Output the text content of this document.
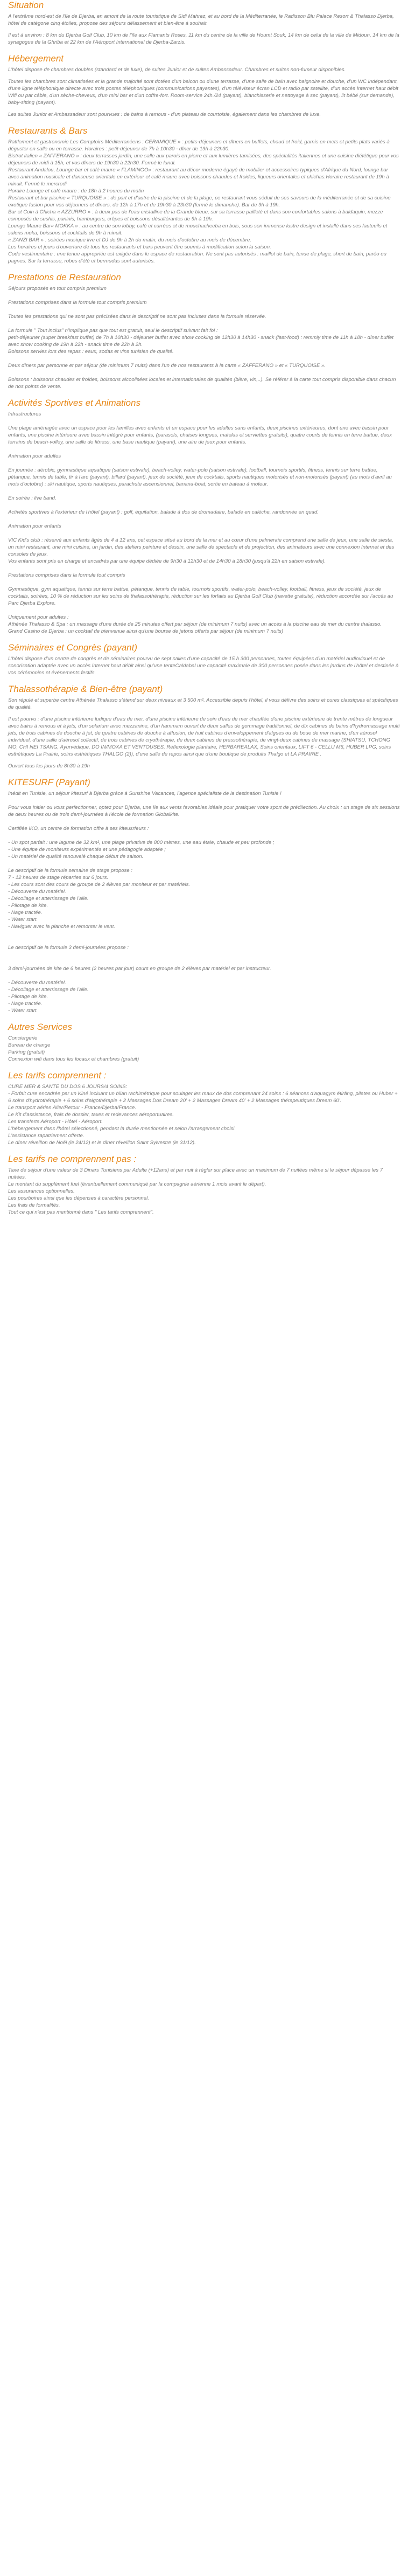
Situation

A l'extrême nord-est de l'île de Djerba, en amont de la route touristique de Sidi Mahrez, et au bord de la Méditerranée, le Radisson Blu Palace Resort & Thalasso Djerba, hôtel de catégorie cinq étoiles, propose des séjours délassement et bien-être à souhait.

Il est à environ : 8 km du Djerba Golf Club, 10 km de l'île aux Flamants Roses, 11 km du centre de la ville de Houmt Souk, 14 km de celui de la ville de Midoun, 14 km de la synagogue de la Ghriba et 22 km de l'Aéroport International de Djerba-Zarzis.

Hébergement

L'hôtel dispose de chambres doubles (standard et de luxe), de suites Junior et de suites Ambassadeur. Chambres et suites non-fumeur disponibles.

Toutes les chambres sont climatisées et la grande majorité sont dotées d'un balcon ou d'une terrasse, d'une salle de bain avec baignoire et douche, d'un WC indépendant, d'une ligne téléphonique directe avec trois postes téléphoniques (communications payantes), d'un téléviseur écran LCD et radio par satellite, d'un accès Internet haut débit Wifi ou par câble, d'un sèche-cheveux, d'un mini bar et d'un coffre-fort. Room-service 24h./24 (payant), blanchisserie et nettoyage à sec (payant), lit bébé (sur demande), baby-sitting (payant).

Les suites Junior et Ambassadeur sont pourvues : de bains à remous - d'un plateau de courtoisie, également dans les chambres de luxe.

Restaurants & Bars

Rattlement et gastronomie Les Comptoirs Méditerranéens : CERAMIQUE » : petits-déjeuners et dîners en buffets, chaud et froid, garnis en mets et petits plats variés à déguster en salle ou en terrasse. Horaires : petit-déjeuner de 7h à 10h30 - dîner de 19h à 22h30.

Bistrot italien « ZAFFERANO » : deux terrasses jardin, une salle aux parois en pierre et aux lumières tamisées, des spécialités italiennes et une cuisine diététique pour vos déjeuners de midi à 15h, et vos dîners de 19h30 à 22h30. Fermé le lundi.

Restaurant Andalou, Lounge bar et café maure « FLAMINGO» : restaurant au décor moderne égayé de mobilier et accessoires typiques d'Afrique du Nord, lounge bar avec animation musicale et danseuse orientale en extérieur et café maure avec boissons chaudes et froides, liqueurs orientales et chichas.Horaire restaurant de 19h à minuit. Fermé le mercredi

Horaire Lounge et café maure : de 18h à 2 heures du matin

Restaurant et bar piscine « TURQUOISE » : de part et d'autre de la piscine et de la plage, ce restaurant vous séduit de ses saveurs de la méditerranée et de sa cuisine exotique fusion pour vos déjeuners et dîners, de 12h à 17h et de 19h30 à 23h30 (fermé le dimanche). Bar de 9h à 19h.

Bar et Coin à Chicha « AZZURRO » : à deux pas de l'eau cristalline de la Grande bleue, sur sa terrasse pailleté et dans son confortables salons à baldaquin, mezze composés de sushis, paninis, hamburgers, crêpes et boissons désaltérantes de 9h à 19h.

Lounge Maure Bar« MOKKA » : au centre de son lobby, café et carrées et de mouchacheeba en bois, sous son immense lustre design et installé dans ses fauteuils et salons moka, boissons et cocktails de 9h à minuit.

« ZANZI BAR » : soirées musique live et DJ de 9h à 2h du matin, du mois d'octobre au mois de décembre.

Les horaires et jours d'ouverture de tous les restaurants et bars peuvent être soumis à modification selon la saison.

Code vestimentaire : une tenue appropriée est exigée dans le espace de restauration. Ne sont pas autorisés : maillot de bain, tenue de plage, short de bain, paréo ou pagnes. Sur la terrasse, robes d'été et bermudas sont autorisés.

Prestations de Restauration

Séjours proposés en tout compris premium

Prestations comprises dans la formule tout compris premium

Toutes les prestations qui ne sont pas précisées dans le descriptif ne sont pas incluses dans la formule réservée.

La formule " Tout inclus" n'implique pas que tout est gratuit, seul le descriptif suivant fait foi :

petit-déjeuner (super breakfast buffet) de 7h à 10h30 - déjeuner buffet avec show cooking de 12h30 à 14h30 - snack (fast-food) : remmly time de 11h à 18h - dîner buffet avec show cooking de 19h à 22h - snack time de 22h à 2h.

Boissons servies lors des repas : eaux, sodas et vins tunisien de qualité.

Deux dîners par personne et par séjour (de minimum 7 nuits) dans l'un de nos restaurants à la carte « ZAFFERANO » et « TURQUOISE ».

Boissons : boissons chaudes et froides, boissons alcoolisées locales et internationales de qualités (bière, vin,..). Se référer à la carte tout compris disponible dans chacun de nos points de vente.

Activités Sportives et Animations

Infrastructures

Une plage aménagée avec un espace pour les familles avec enfants et un espace pour les adultes sans enfants, deux piscines extérieures, dont une avec bassin pour enfants, une piscine intérieure avec bassin intégré pour enfants, (parasols, chaises longues, matelas et serviettes gratuits), quatre courts de tennis en terre battue, deux terrains de beach-volley, une salle de fitness, une base nautique (payant), une aire de jeux pour enfants.

Animation pour adultes

En journée : aérobic, gymnastique aquatique (saison estivale), beach-volley, water-polo (saison estivale), football, tournois sportifs, fitness, tennis sur terre battue, pétanque, tennis de table, tir à l'arc (payant), billard (payant), jeux de société, jeux de cocktails, sports nautiques motorisés et non-motorisés (payant) (au mois d'avril au mois d'octobre) : ski nautique, sports nautiques, parachute ascensionnel, banana-boat, sortie en bateau à moteur.

En soirée : live band.

Activités sportives à l'extérieur de l'hôtel (payant) : golf, équitation, balade à dos de dromadaire, balade en calèche, randonnée en quad.

Animation pour enfants

VIC Kid's club : réservé aux enfants âgés de 4 à 12 ans, cet espace situé au bord de la mer et au cœur d'une palmeraie comprend une salle de jeux, une salle de siesta, un mini restaurant, une mini cuisine, un jardin, des ateliers peinture et dessin, une salle de spectacle et de projection, des animateurs avec une connexion Internet et des consoles de jeux.

Vos enfants sont pris en charge et encadrés par une équipe dédiée de 9h30 à 12h30 et de 14h30 à 18h30 (jusqu'à 22h en saison estivale).

Prestations comprises dans la formule tout compris

Gymnastique, gym aquatique, tennis sur terre battue, pétanque, tennis de table, tournois sportifs, water-polo, beach-volley, football, fitness, jeux de société, jeux de cocktails, soirées, 10 % de réduction sur les soins de thalassothérapie, réduction sur les forfaits au Djerba Golf Club (navette gratuite), réduction accordée sur l'accès au Parc Djerba Explore.

Uniquement pour adultes :

Athénée Thalasso & Spa : un massage d'une durée de 25 minutes offert par séjour (de minimum 7 nuits) avec un accès à la piscine eau de mer du centre thalasso.

Grand Casino de Djerba : un cocktail de bienvenue ainsi qu'une bourse de jetons offerts par séjour (de minimum 7 nuits)

Séminaires et Congrès (payant)

L'hôtel dispose d'un centre de congrès et de séminaires pourvu de sept salles d'une capacité de 15 à 300 personnes, toutes équipées d'un matériel audiovisuel et de sonorisation adaptée avec un accès Internet haut débit ainsi qu'une tenteCaldabal une capacité maximale de 300 personnes posée dans les jardins de l'hôtel et destinée à vos cérémonies et événements festifs.

Thalassothérapie & Bien-être (payant)

Son répulé et superbe centre Athénée Thalasso s'étend sur deux niveaux et 3 500 m². Accessible depuis l'hôtel, il vous délivre des soins et cures classiques et spécifiques de qualité.

Il est pourvu : d'une piscine intérieure ludique d'eau de mer, d'une piscine intérieure de soin d'eau de mer chauffée d'une piscine extérieure de trente mètres de longueur avec bains à remous et à jets, d'un solarium avec mezzanine, d'un hammam ouvert de deux salles de gommage traditionnel, de dix cabines de bains d'hydromassage multi jets, de trois cabines de douche à jet, de quatre cabines de douche à affusion, de huit cabines d'enveloppement d'algues ou de boue de mer marine, d'un aérosol individuel, d'une salle d'aérosol collectif, de trois cabines de cryothérapie, de deux cabines de pressothérapie, de vingt-deux cabines de massage (SHIATSU, TCHONG MO, CHI NEI TSANG, Ayurvédique, DO IN/MOXA ET VENTOUSES, Réflexologie plantaire, HERBAREALAX, Soins orientaux, LIFT 6 - CELLU M6, HUBER LPG, soins esthétiques La Prairie, soins esthétiques THALGO (2)), d'une salle de repos ainsi que d'une boutique de produits Thalgo et LA PRAIRIE .

Ouvert tous les jours de 8h30 à 19h

KITESURF (Payant)

Inédit en Tunisie, un séjour kitesurf à Djerba grâce à Sunshine Vacances, l'agence spécialiste de la destination Tunisie !

Pour vous initier ou vous perfectionner, optez pour Djerba, une île aux vents favorables idéale pour pratiquer votre sport de prédilection. Au choix : un stage de six sessions de deux heures ou de trois demi-journées à l'école de formation Globalkite.

Certifiée IKO, un centre de formation offre à ses kiteusrfeurs :

- Un spot parfait : une lagune de 32 km², une plage privative de 800 mètres, une eau étale, chaude et peu profonde ;

- Une équipe de moniteurs expérimentés et une pédagogie adaptée ;

- Un matériel de qualité renouvelé chaque début de saison.

Le descriptif de la formule semaine de stage propose :

7 - 12 heures de stage réparties sur 6 jours.

- Les cours sont des cours de groupe de 2 élèves par moniteur et par matériels.

- Découverte du matériel.

- Décollage et atterrissage de l'aile.

- Pilotage de kite.

- Nage tractée.

- Water start.

- Naviguer avec la planche et remonter le vent.

Le descriptif de la formule 3 demi-journées propose :

3 demi-journées de kite de 6 heures (2 heures par jour) cours en groupe de 2 élèves par matériel et par instructeur.

- Découverte du matériel.

- Décollage et atterrissage de l'aile.

- Pilotage de kite.

- Nage tractée.

- Water start.

Autres Services

Conciergerie

Bureau de change

Parking (gratuit)

Connexion wifi dans tous les locaux et chambres (gratuit)

Les tarifs comprennent :

CURE MER & SANTÉ DU DOS 6 JOURS/4 SOINS:

- Forfait cure encadrée par un Kiné incluant un bilan rachimétrique pour soulager les maux de dos comprenant 24 soins : 6 séances d'aquagym étirâng, pilates ou Huber + 6 soins d'hydrothérapie + 6 soins d'algothérapie + 2 Massages Dos Dream 20' + 2 Massages Dream 40' + 2 Massages thérapeutiques Dream 60'.

Le transport aérien Aller/Retour - France/Djerba/France.

Le Kit d'assistance, frais de dossier, taxes et redevances aéroportuaires.

Les transferts Aéroport - Hôtel - Aéroport.

L'hébergement dans l'hôtel sélectionné, pendant la durée mentionnée et selon l'arrangement choisi.

L'assistance rapatriement offerte.

Le dîner réveillon de Noël (le 24/12) et le dîner réveillon Saint Sylvestre (le 31/12).

Les tarifs ne comprennent pas :

Taxe de séjour d'une valeur de 3 Dinars Tunisiens par Adulte (+12ans) et par nuit à régler sur place avec un maximum de 7 nuitées même si le séjour dépasse les 7 nuitées.

Le montant du supplément fuel (éventuellement communiqué par la compagnie aérienne 1 mois avant le départ).

Les assurances optionnelles.

Les pourboires ainsi que les dépenses à caractère personnel.

Les frais de formalités.

Tout ce qui n'est pas mentionné dans " Les tarifs comprennent".
